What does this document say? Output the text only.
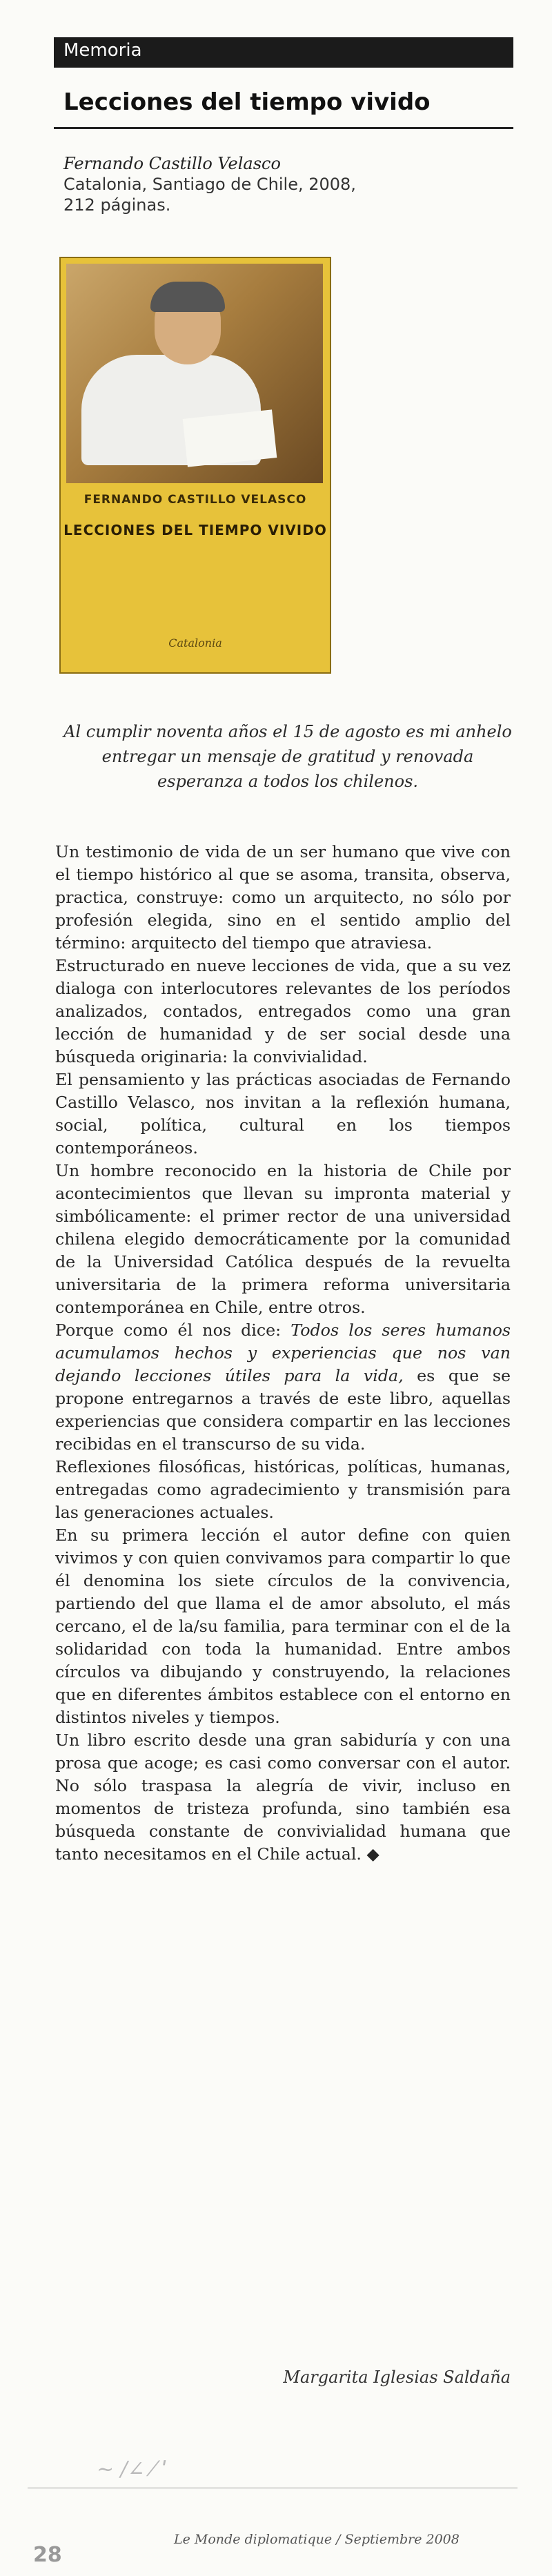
Memoria
Lecciones del tiempo vivido
Fernando Castillo Velasco
Catalonia, Santiago de Chile, 2008,
212 páginas.
FERNANDO CASTILLO VELASCO
LECCIONES DEL TIEMPO VIVIDO
Catalonia
Al cumplir noventa años el 15 de agosto es mi anhelo entregar un mensaje de gratitud y renovada esperanza a todos los chilenos.

Un testimonio de vida de un ser humano que vive con el tiempo histórico al que se asoma, transita, observa, practica, construye: como un arquitecto, no sólo por profesión elegida, sino en el sentido amplio del término: arquitecto del tiempo que atraviesa.

Estructurado en nueve lecciones de vida, que a su vez dialoga con interlocutores relevantes de los períodos analizados, contados, entregados como una gran lección de humanidad y de ser social desde una búsqueda originaria: la convivialidad.

El pensamiento y las prácticas asociadas de Fernando Castillo Velasco, nos invitan a la reflexión humana, social, política, cultural en los tiempos contemporáneos.

Un hombre reconocido en la historia de Chile por acontecimientos que llevan su impronta material y simbólicamente: el primer rector de una universidad chilena elegido democráticamente por la comunidad de la Universidad Católica después de la revuelta universitaria de la primera reforma universitaria contemporánea en Chile, entre otros.

Porque como él nos dice: Todos los seres humanos acumulamos hechos y experiencias que nos van dejando lecciones útiles para la vida, es que se propone entregarnos a través de este libro, aquellas experiencias que considera compartir en las lecciones recibidas en el transcurso de su vida.

Reflexiones filosóficas, históricas, políticas, humanas, entregadas como agradecimiento y transmisión para las generaciones actuales.

En su primera lección el autor define con quien vivimos y con quien convivamos para compartir lo que él denomina los siete círculos de la convivencia, partiendo del que llama el de amor absoluto, el más cercano, el de la/su familia, para terminar con el de la solidaridad con toda la humanidad. Entre ambos círculos va dibujando y construyendo, la relaciones que en diferentes ámbitos establece con el entorno en distintos niveles y tiempos.

Un libro escrito desde una gran sabiduría y con una prosa que acoge; es casi como conversar con el autor. No sólo traspasa la alegría de vivir, incluso en momentos de tristeza profunda, sino también esa búsqueda constante de convivialidad humana que tanto necesitamos en el Chile actual. ◆

Margarita Iglesias Saldaña
~ ∕∠ ⁄ ˈ
28
Le Monde diplomatique / Septiembre 2008
